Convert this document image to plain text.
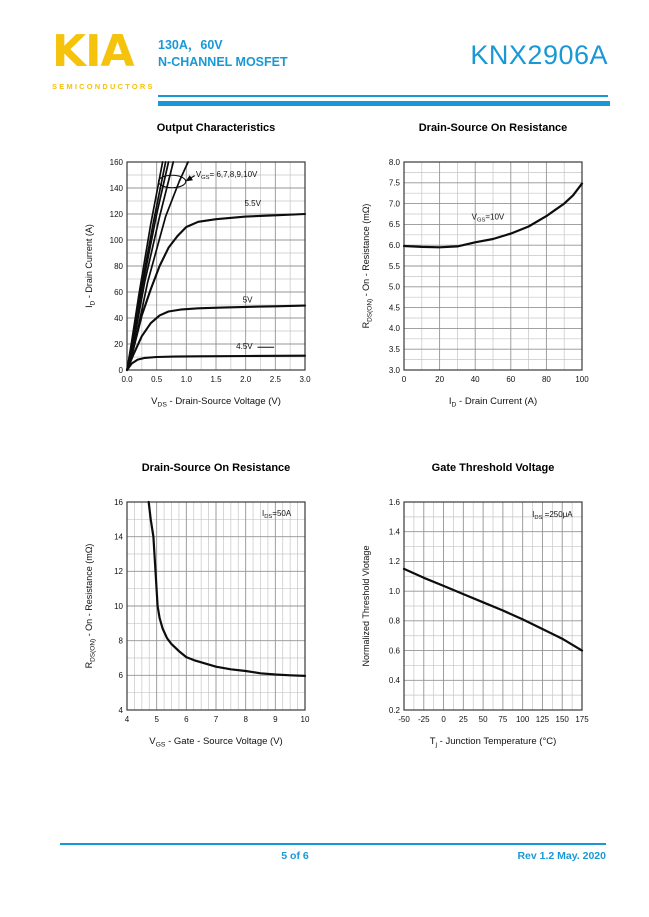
KIA
SEMICONDUCTORS
130A，60V
N-CHANNEL MOSFET	KNX2906A
Output Characteristics
$V_{GS}= 6,7,8,9,10V$
5.5V
5V
4.5V
0.0 0.5 1.0 1.5 2.0 2.5 3.0
0
20
40
60
80
100
120
140
160
$V_{DS}$ - Drain-Source Voltage (V)
$I_D$ - Drain Current (A)
Drain-Source On Resistance
$V_{GS}=10V$
0	20	40	60	80	100
3.0
3.5
4.0
4.5
5.0
5.5
6.0
6.5
7.0
7.5
8.0
$I_D$ - Drain Current (A)
$R_{DS(ON)}$ - On - Resistance (mΩ)
Drain-Source On Resistance
$I_{DS}=50A$
4	5	6	7	8	9	10
4
6
8
10
12
14
16
$V_{GS}$ - Gate - Source Voltage (V)
$R_{DS(ON)}$ - On - Resistance (mΩ)
Gate Threshold Voltage
$I_{DS} =250\mu A$
-50 -25 0 25 50 75 100 125 150 175
0.2
0.4
0.6
0.8
1.0
1.2
1.4
1.6
$T_j$ - Junction Temperature (°C)
Normalized Threshold Vlotage
5 of 6	Rev 1.2 May. 2020
